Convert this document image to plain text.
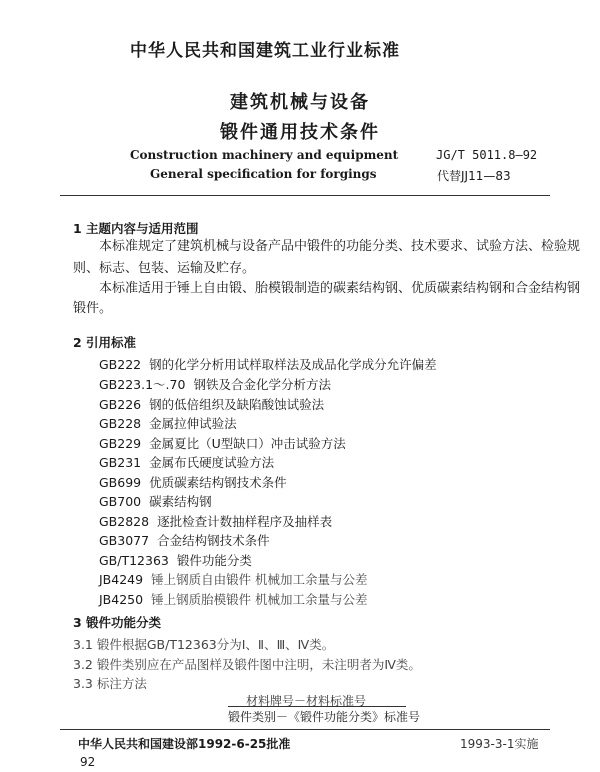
中华人民共和国建筑工业行业标准
建筑机械与设备
锻件通用技术条件
Construction machinery and equipment
General specification for forgings
JG/T 5011.8—92
代替JJ11—83
1 主题内容与适用范围
本标准规定了建筑机械与设备产品中锻件的功能分类、技术要求、试验方法、检验规
则、标志、包装、运输及贮存。
本标准适用于锤上自由锻、胎模锻制造的碳素结构钢、优质碳素结构钢和合金结构钢
锻件。
2 引用标准
GB222 钢的化学分析用试样取样法及成品化学成分允许偏差
GB223.1～.70 钢铁及合金化学分析方法
GB226 钢的低倍组织及缺陷酸蚀试验法
GB228 金属拉伸试验法
GB229 金属夏比（U型缺口）冲击试验方法
GB231 金属布氏硬度试验方法
GB699 优质碳素结构钢技术条件
GB700 碳素结构钢
GB2828 逐批检查计数抽样程序及抽样表
GB3077 合金结构钢技术条件
GB/T12363 锻件功能分类
JB4249 锤上钢质自由锻件 机械加工余量与公差
JB4250 锤上钢质胎模锻件 机械加工余量与公差
3 锻件功能分类
3.1 锻件根据GB/T12363分为Ⅰ、Ⅱ、Ⅲ、Ⅳ类。
3.2 锻件类别应在产品图样及锻件图中注明，未注明者为Ⅳ类。
3.3 标注方法
材料牌号－材料标准号
锻件类别－《锻件功能分类》标准号
中华人民共和国建设部1992-6-25批准	1993-3-1实施
92
